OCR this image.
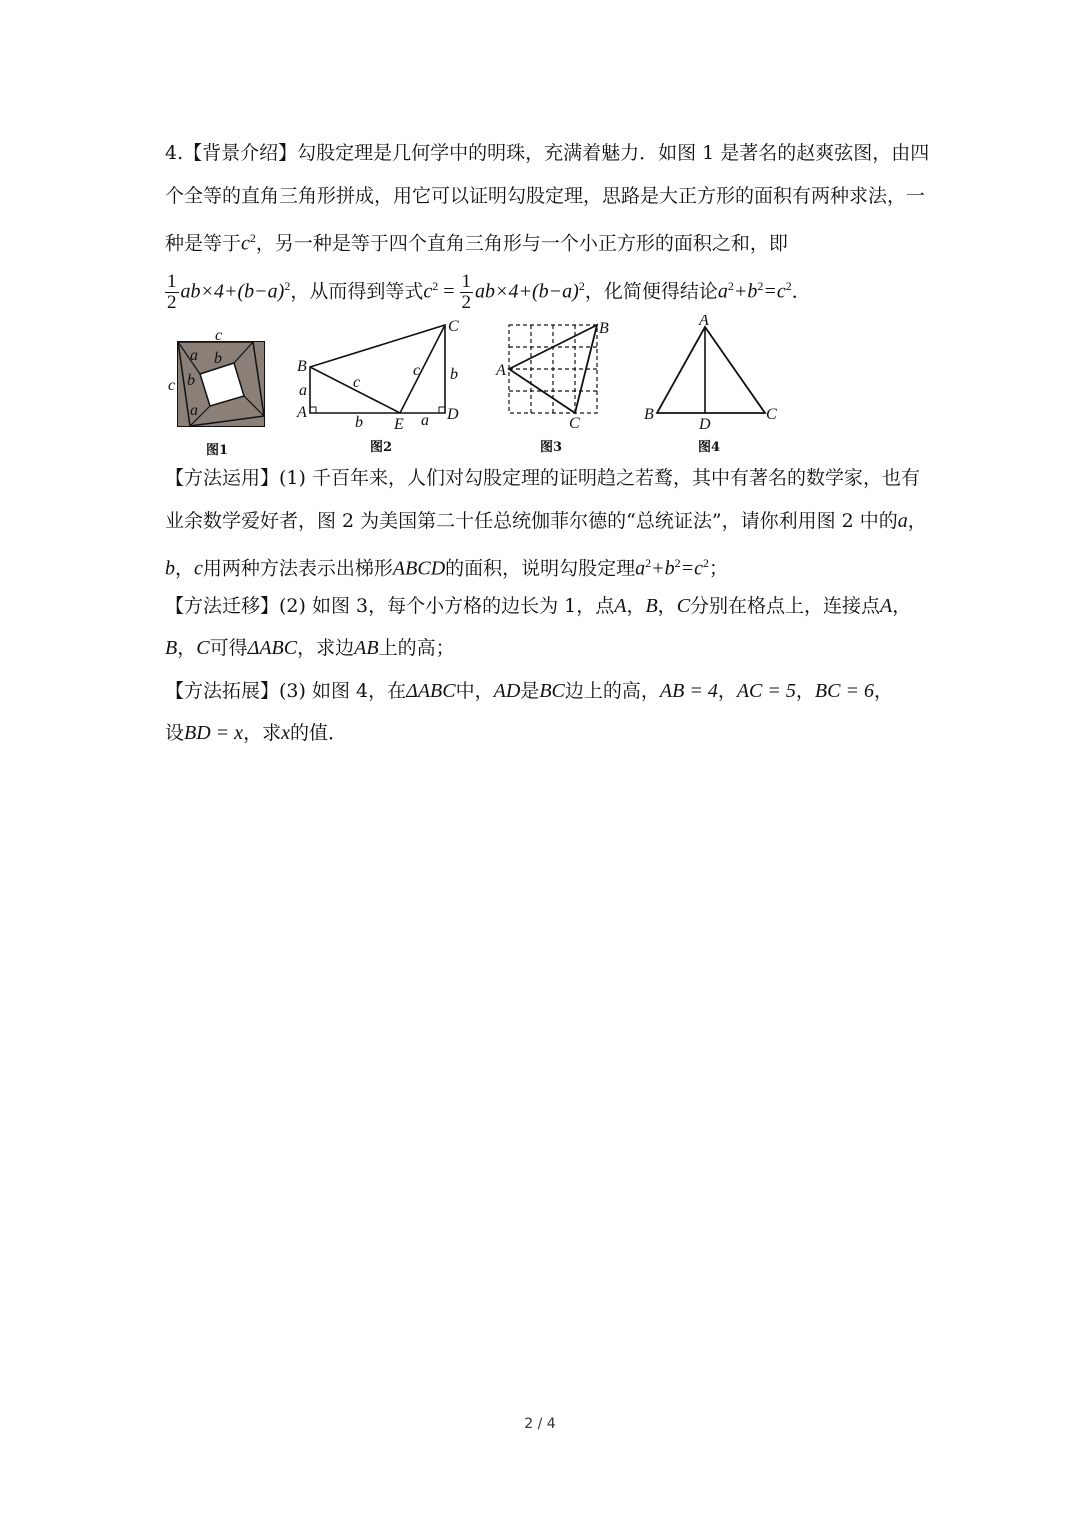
4.【背景介绍】勾股定理是几何学中的明珠，充满着魅力．如图 1 是著名的赵爽弦图，由四
个全等的直角三角形拼成，用它可以证明勾股定理，思路是大正方形的面积有两种求法，一
种是等于$c^2$，另一种是等于四个直角三角形与一个小正方形的面积之和，即
$\frac{1}{2} ab\times 4+(b-a)^2$，从而得到等式$c^2 = \frac{1}{2} ab\times 4+(b-a)^2$，化简便得结论$a^2+b^2=c^2$．
c
a b
c b
a
图1
B
C
A	D
E
a	c
c b
b	a
图2
A
B
C
图3
A
B	C
D
图4
【方法运用】(1) 千百年来，人们对勾股定理的证明趋之若鹜，其中有著名的数学家，也有
业余数学爱好者，图 2 为美国第二十任总统伽菲尔德的“总统证法”，请你利用图 2 中的a，
b，c用两种方法表示出梯形ABCD的面积，说明勾股定理$a^2+b^2=c^2$；
【方法迁移】(2) 如图 3，每个小方格的边长为 1，点A，B，C分别在格点上，连接点A，
B，C可得ΔABC，求边AB上的高；
【方法拓展】(3) 如图 4，在ΔABC中，AD是BC边上的高，AB = 4，AC = 5，BC = 6，
设BD = x，求x的值．
2 / 4
